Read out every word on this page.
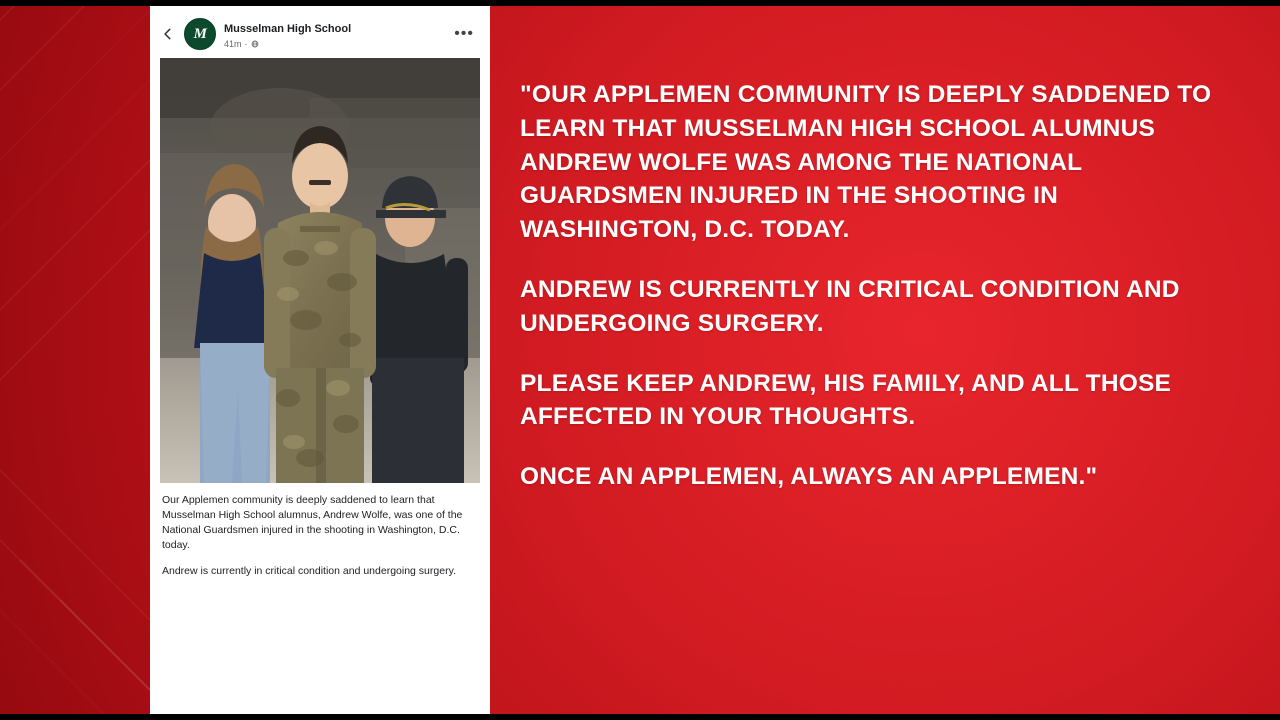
M Musselman High School
41m ·
•••

Our Applemen community is deeply saddened to learn that Musselman High School alumnus, Andrew Wolfe, was one of the National Guardsmen injured in the shooting in Washington, D.C. today.

Andrew is currently in critical condition and undergoing surgery.

"OUR APPLEMEN COMMUNITY IS DEEPLY SADDENED TO LEARN THAT MUSSELMAN HIGH SCHOOL ALUMNUS ANDREW WOLFE WAS AMONG THE NATIONAL GUARDSMEN INJURED IN THE SHOOTING IN WASHINGTON, D.C. TODAY.

ANDREW IS CURRENTLY IN CRITICAL CONDITION AND UNDERGOING SURGERY.

PLEASE KEEP ANDREW, HIS FAMILY, AND ALL THOSE AFFECTED IN YOUR THOUGHTS.

ONCE AN APPLEMEN, ALWAYS AN APPLEMEN."
